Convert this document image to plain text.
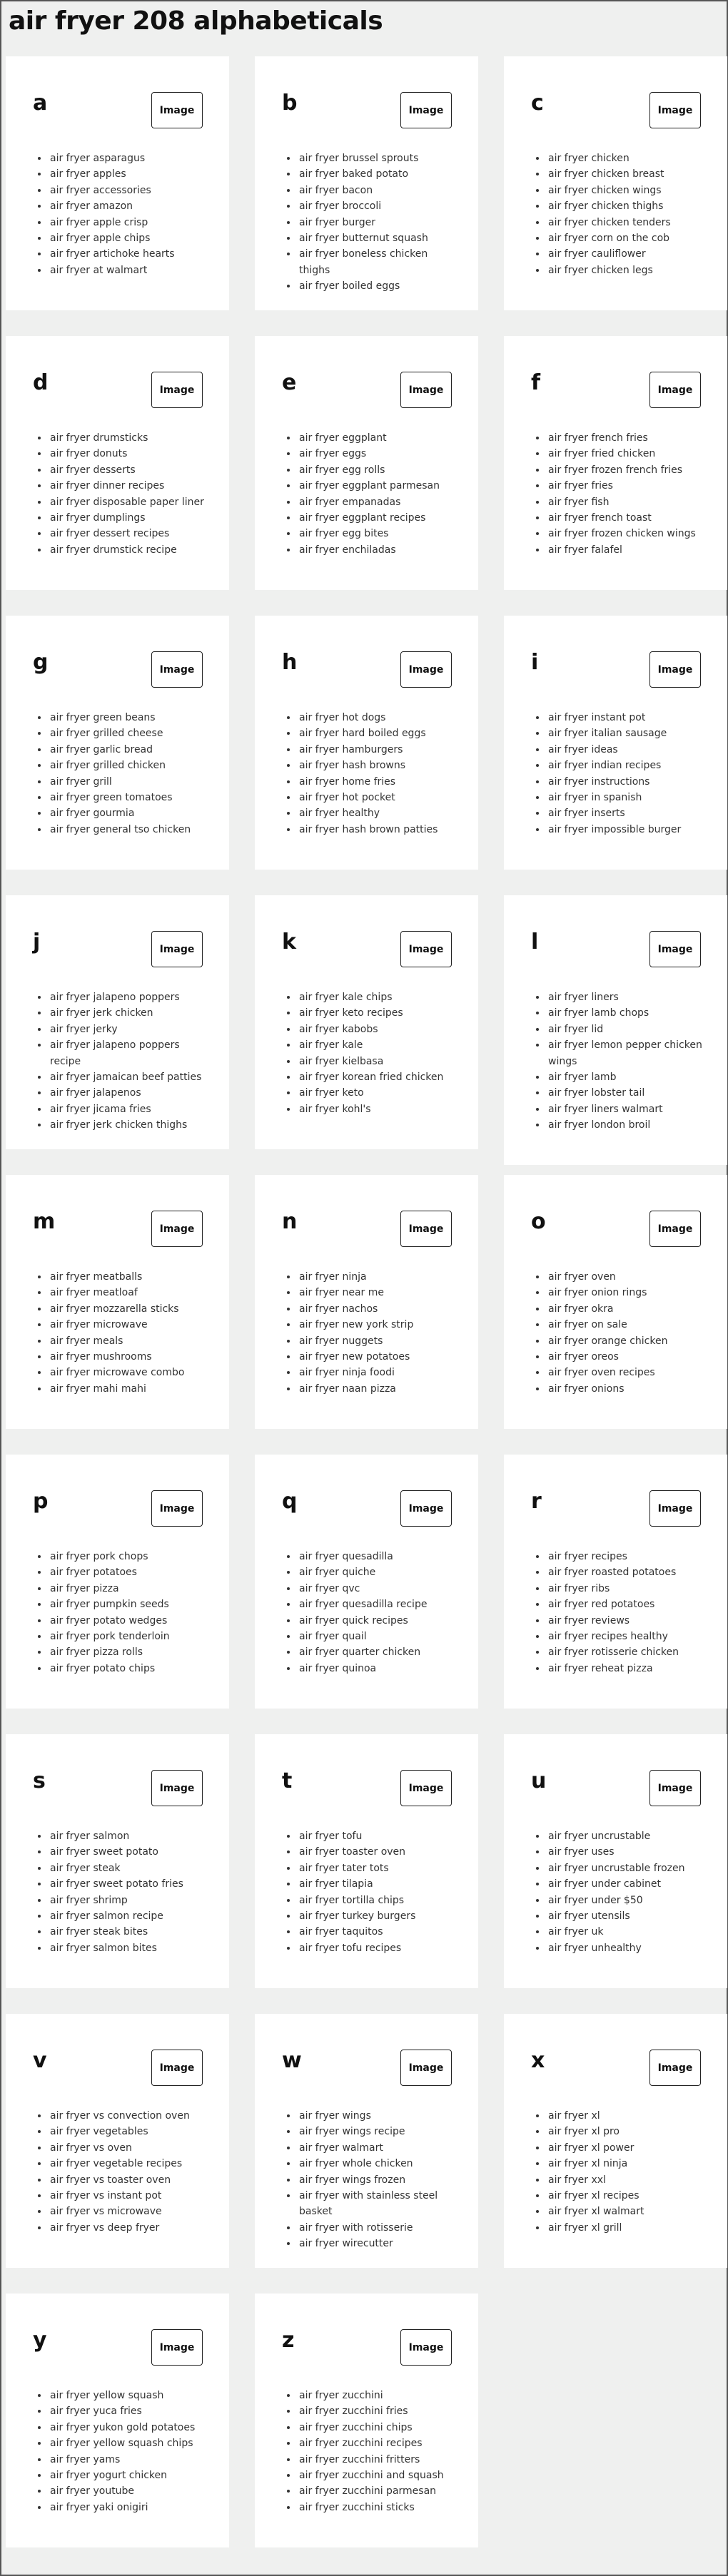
air fryer 208 alphabeticals
a	Image
• air fryer asparagus
• air fryer apples
• air fryer accessories
• air fryer amazon
• air fryer apple crisp
• air fryer apple chips
• air fryer artichoke hearts
• air fryer at walmart
b	Image
• air fryer brussel sprouts
• air fryer baked potato
• air fryer bacon
• air fryer broccoli
• air fryer burger
• air fryer butternut squash
• air fryer boneless chicken thighs
• air fryer boiled eggs
c	Image
• air fryer chicken
• air fryer chicken breast
• air fryer chicken wings
• air fryer chicken thighs
• air fryer chicken tenders
• air fryer corn on the cob
• air fryer cauliflower
• air fryer chicken legs
d	Image
• air fryer drumsticks
• air fryer donuts
• air fryer desserts
• air fryer dinner recipes
• air fryer disposable paper liner
• air fryer dumplings
• air fryer dessert recipes
• air fryer drumstick recipe
e	Image
• air fryer eggplant
• air fryer eggs
• air fryer egg rolls
• air fryer eggplant parmesan
• air fryer empanadas
• air fryer eggplant recipes
• air fryer egg bites
• air fryer enchiladas
f	Image
• air fryer french fries
• air fryer fried chicken
• air fryer frozen french fries
• air fryer fries
• air fryer fish
• air fryer french toast
• air fryer frozen chicken wings
• air fryer falafel
g	Image
• air fryer green beans
• air fryer grilled cheese
• air fryer garlic bread
• air fryer grilled chicken
• air fryer grill
• air fryer green tomatoes
• air fryer gourmia
• air fryer general tso chicken
h	Image
• air fryer hot dogs
• air fryer hard boiled eggs
• air fryer hamburgers
• air fryer hash browns
• air fryer home fries
• air fryer hot pocket
• air fryer healthy
• air fryer hash brown patties
i	Image
• air fryer instant pot
• air fryer italian sausage
• air fryer ideas
• air fryer indian recipes
• air fryer instructions
• air fryer in spanish
• air fryer inserts
• air fryer impossible burger
j	Image
• air fryer jalapeno poppers
• air fryer jerk chicken
• air fryer jerky
• air fryer jalapeno poppers recipe
• air fryer jamaican beef patties
• air fryer jalapenos
• air fryer jicama fries
• air fryer jerk chicken thighs
k	Image
• air fryer kale chips
• air fryer keto recipes
• air fryer kabobs
• air fryer kale
• air fryer kielbasa
• air fryer korean fried chicken
• air fryer keto
• air fryer kohl's
l	Image
• air fryer liners
• air fryer lamb chops
• air fryer lid
• air fryer lemon pepper chicken wings
• air fryer lamb
• air fryer lobster tail
• air fryer liners walmart
• air fryer london broil
m	Image
• air fryer meatballs
• air fryer meatloaf
• air fryer mozzarella sticks
• air fryer microwave
• air fryer meals
• air fryer mushrooms
• air fryer microwave combo
• air fryer mahi mahi
n	Image
• air fryer ninja
• air fryer near me
• air fryer nachos
• air fryer new york strip
• air fryer nuggets
• air fryer new potatoes
• air fryer ninja foodi
• air fryer naan pizza
o	Image
• air fryer oven
• air fryer onion rings
• air fryer okra
• air fryer on sale
• air fryer orange chicken
• air fryer oreos
• air fryer oven recipes
• air fryer onions
p	Image
• air fryer pork chops
• air fryer potatoes
• air fryer pizza
• air fryer pumpkin seeds
• air fryer potato wedges
• air fryer pork tenderloin
• air fryer pizza rolls
• air fryer potato chips
q	Image
• air fryer quesadilla
• air fryer quiche
• air fryer qvc
• air fryer quesadilla recipe
• air fryer quick recipes
• air fryer quail
• air fryer quarter chicken
• air fryer quinoa
r	Image
• air fryer recipes
• air fryer roasted potatoes
• air fryer ribs
• air fryer red potatoes
• air fryer reviews
• air fryer recipes healthy
• air fryer rotisserie chicken
• air fryer reheat pizza
s	Image
• air fryer salmon
• air fryer sweet potato
• air fryer steak
• air fryer sweet potato fries
• air fryer shrimp
• air fryer salmon recipe
• air fryer steak bites
• air fryer salmon bites
t	Image
• air fryer tofu
• air fryer toaster oven
• air fryer tater tots
• air fryer tilapia
• air fryer tortilla chips
• air fryer turkey burgers
• air fryer taquitos
• air fryer tofu recipes
u	Image
• air fryer uncrustable
• air fryer uses
• air fryer uncrustable frozen
• air fryer under cabinet
• air fryer under $50
• air fryer utensils
• air fryer uk
• air fryer unhealthy
v	Image
• air fryer vs convection oven
• air fryer vegetables
• air fryer vs oven
• air fryer vegetable recipes
• air fryer vs toaster oven
• air fryer vs instant pot
• air fryer vs microwave
• air fryer vs deep fryer
w	Image
• air fryer wings
• air fryer wings recipe
• air fryer walmart
• air fryer whole chicken
• air fryer wings frozen
• air fryer with stainless steel basket
• air fryer with rotisserie
• air fryer wirecutter
x	Image
• air fryer xl
• air fryer xl pro
• air fryer xl power
• air fryer xl ninja
• air fryer xxl
• air fryer xl recipes
• air fryer xl walmart
• air fryer xl grill
y	Image
• air fryer yellow squash
• air fryer yuca fries
• air fryer yukon gold potatoes
• air fryer yellow squash chips
• air fryer yams
• air fryer yogurt chicken
• air fryer youtube
• air fryer yaki onigiri
z	Image
• air fryer zucchini
• air fryer zucchini fries
• air fryer zucchini chips
• air fryer zucchini recipes
• air fryer zucchini fritters
• air fryer zucchini and squash
• air fryer zucchini parmesan
• air fryer zucchini sticks
